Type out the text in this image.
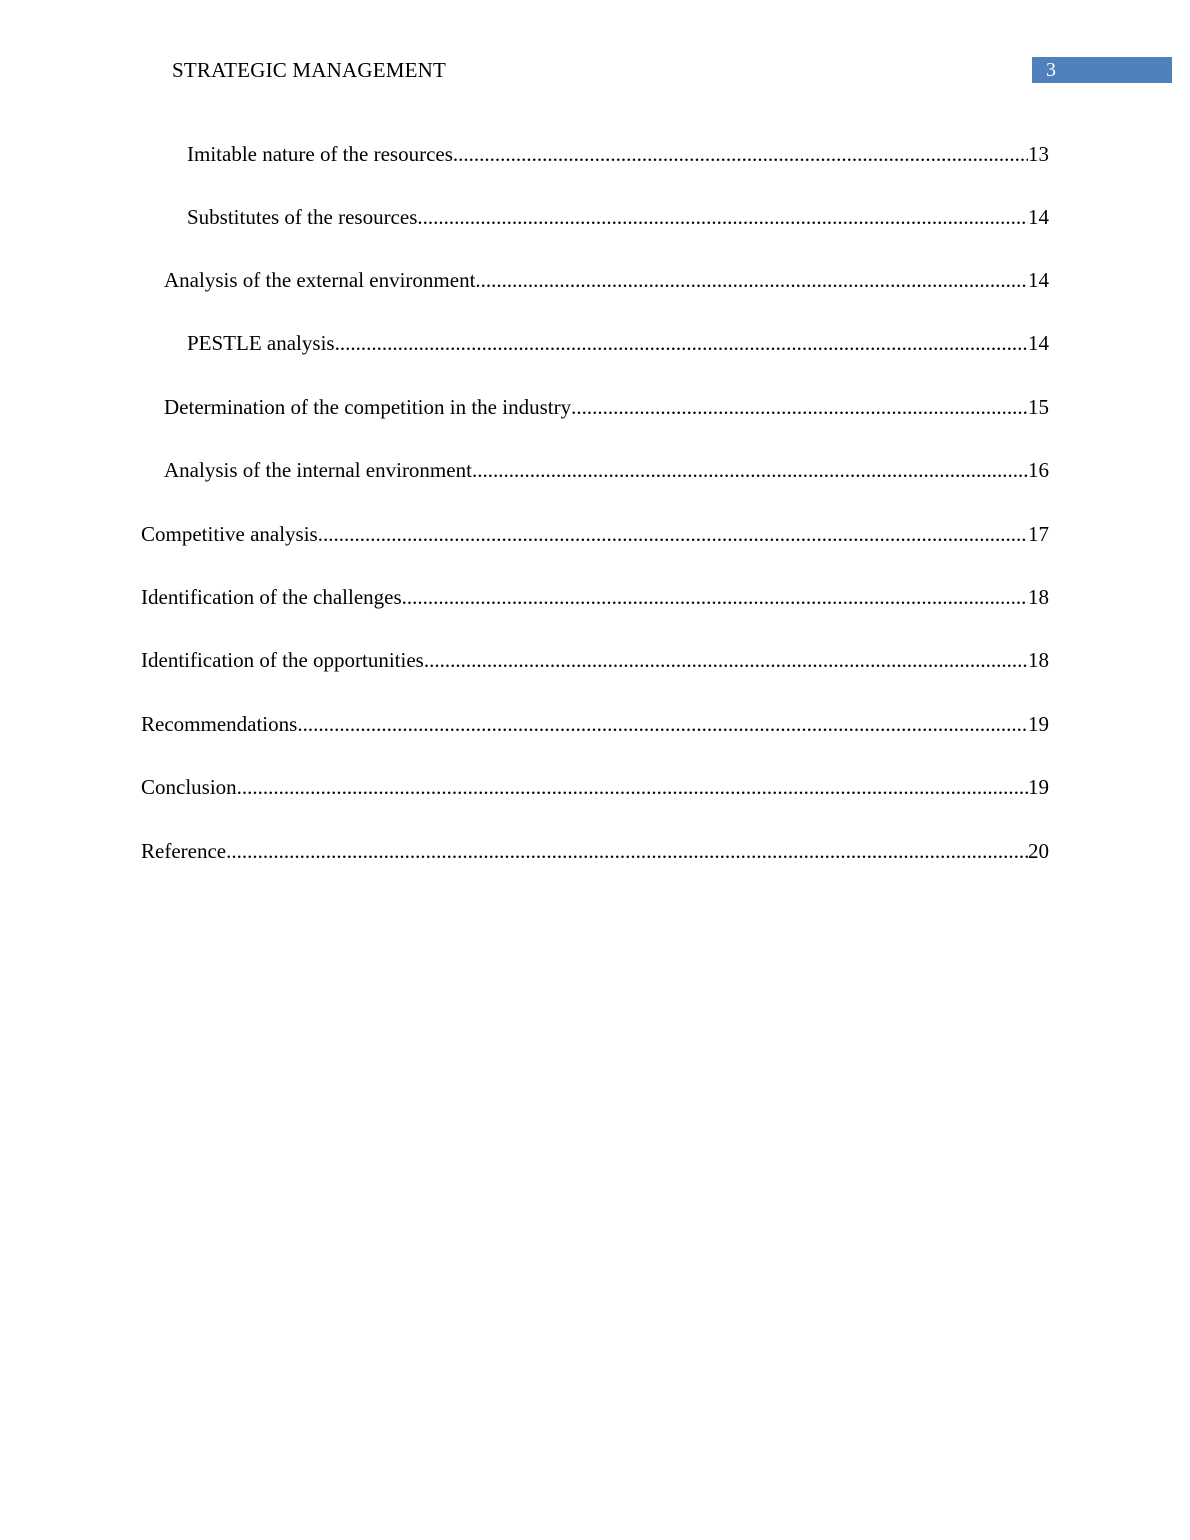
STRATEGIC MANAGEMENT	3
Imitable nature of the resources .....	13
Substitutes of the resources .....	14
Analysis of the external environment .....	14
PESTLE analysis .....	14
Determination of the competition in the industry .....	15
Analysis of the internal environment .....	16
Competitive analysis .....	17
Identification of the challenges .....	18
Identification of the opportunities .....	18
Recommendations .....	19
Conclusion .....	19
Reference .....	20
